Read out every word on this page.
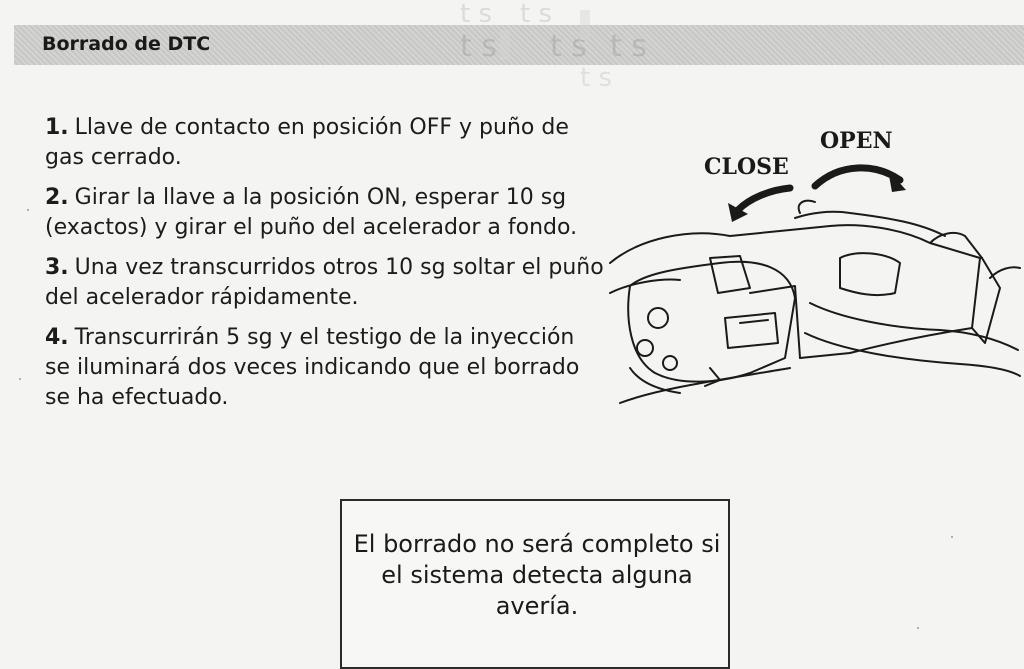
Borrado de DTC
t s t s
t s t s t s
t s

1. Llave de contacto en posición OFF y puño de gas cerrado.

2. Girar la llave a la posición ON, esperar 10 sg (exactos) y girar el puño del acelerador a fondo.

3. Una vez transcurridos otros 10 sg soltar el puño del acelerador rápidamente.

4. Transcurrirán 5 sg y el testigo de la inyección se iluminará dos veces indicando que el borrado se ha efectuado.

OPEN
CLOSE
El borrado no será completo si el sistema detecta alguna avería.
